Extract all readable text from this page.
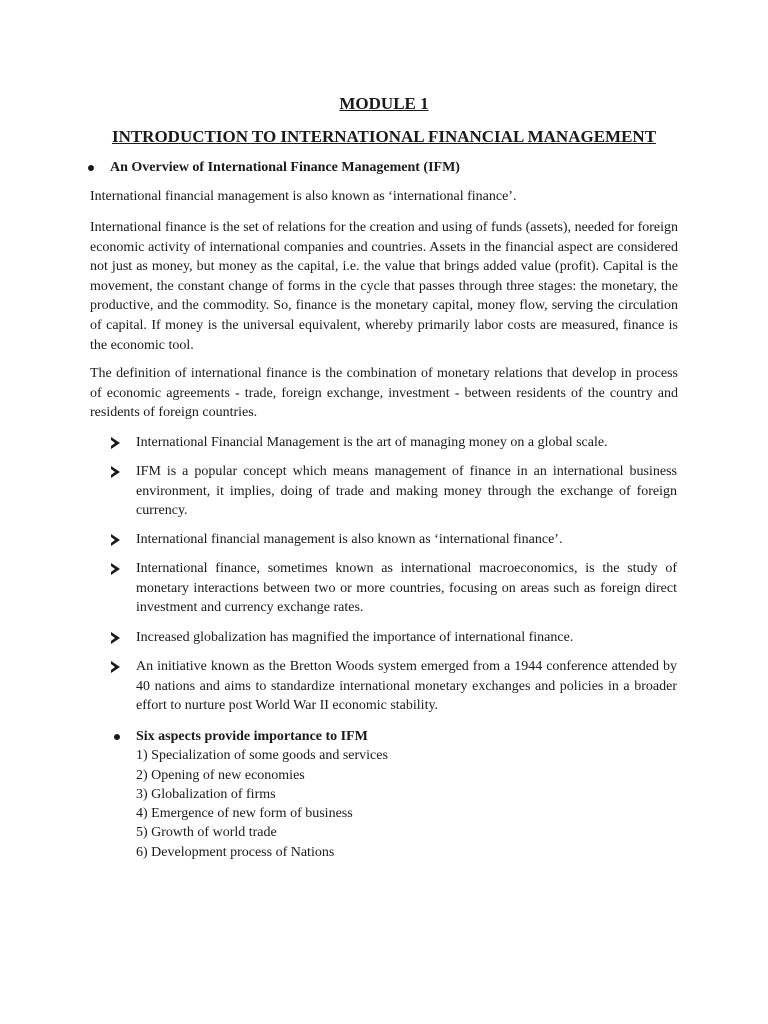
MODULE 1
INTRODUCTION TO INTERNATIONAL FINANCIAL MANAGEMENT
An Overview of International Finance Management (IFM)

International financial management is also known as ‘international finance’.

International finance is the set of relations for the creation and using of funds (assets), needed for foreign economic activity of international companies and countries. Assets in the financial aspect are considered not just as money, but money as the capital, i.e. the value that brings added value (profit). Capital is the movement, the constant change of forms in the cycle that passes through three stages: the monetary, the productive, and the commodity. So, finance is the monetary capital, money flow, serving the circulation of capital. If money is the universal equivalent, whereby primarily labor costs are measured, finance is the economic tool.

The definition of international finance is the combination of monetary relations that develop in process of economic agreements - trade, foreign exchange, investment - between residents of the country and residents of foreign countries.

International Financial Management is the art of managing money on a global scale.
IFM is a popular concept which means management of finance in an international business environment, it implies, doing of trade and making money through the exchange of foreign currency.
International financial management is also known as ‘international finance’.
International finance, sometimes known as international macroeconomics, is the study of monetary interactions between two or more countries, focusing on areas such as foreign direct investment and currency exchange rates.
Increased globalization has magnified the importance of international finance.
An initiative known as the Bretton Woods system emerged from a 1944 conference attended by 40 nations and aims to standardize international monetary exchanges and policies in a broader effort to nurture post World War II economic stability.
Six aspects provide importance to IFM
1) Specialization of some goods and services
2) Opening of new economies
3) Globalization of firms
4) Emergence of new form of business
5) Growth of world trade
6) Development process of Nations
